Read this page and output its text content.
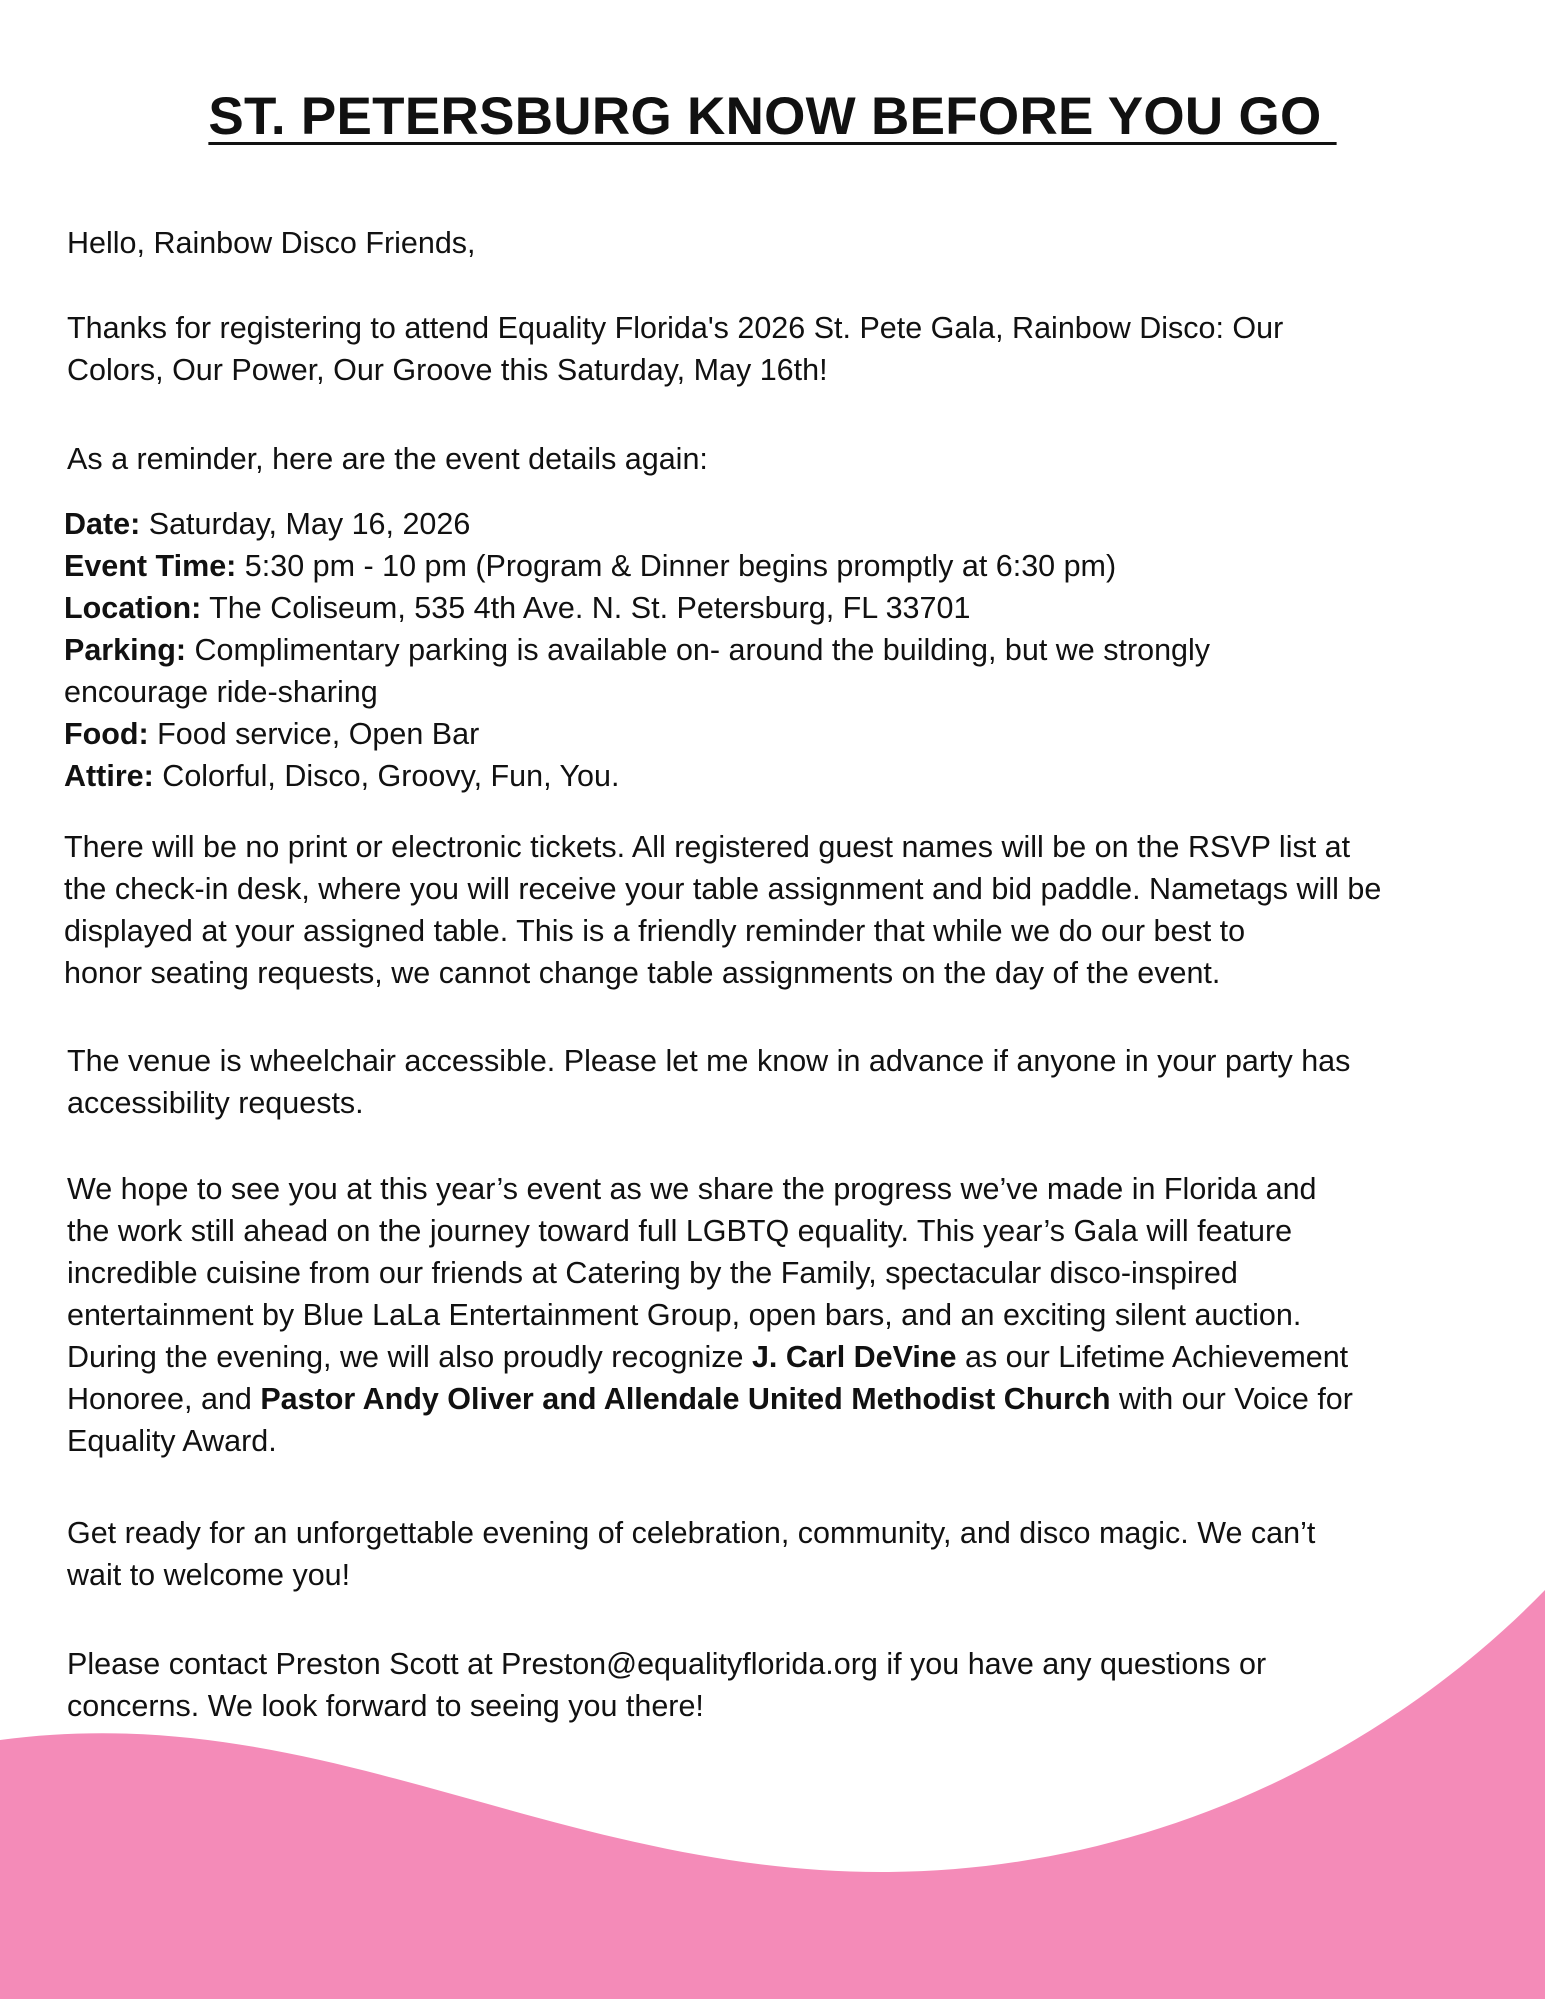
ST. PETERSBURG KNOW BEFORE YOU GO
Hello, Rainbow Disco Friends,
Thanks for registering to attend Equality Florida's 2026 St. Pete Gala, Rainbow Disco: Our
Colors, Our Power, Our Groove this Saturday, May 16th!
As a reminder, here are the event details again:
Date: Saturday, May 16, 2026
Event Time: 5:30 pm - 10 pm (Program & Dinner begins promptly at 6:30 pm)
Location: The Coliseum, 535 4th Ave. N. St. Petersburg, FL 33701
Parking: Complimentary parking is available on- around the building, but we strongly
encourage ride-sharing
Food: Food service, Open Bar
Attire: Colorful, Disco, Groovy, Fun, You.
There will be no print or electronic tickets. All registered guest names will be on the RSVP list at
the check-in desk, where you will receive your table assignment and bid paddle. Nametags will be
displayed at your assigned table. This is a friendly reminder that while we do our best to
honor seating requests, we cannot change table assignments on the day of the event.
The venue is wheelchair accessible. Please let me know in advance if anyone in your party has
accessibility requests.
We hope to see you at this year’s event as we share the progress we’ve made in Florida and
the work still ahead on the journey toward full LGBTQ equality. This year’s Gala will feature
incredible cuisine from our friends at Catering by the Family, spectacular disco-inspired
entertainment by Blue LaLa Entertainment Group, open bars, and an exciting silent auction.
During the evening, we will also proudly recognize J. Carl DeVine as our Lifetime Achievement
Honoree, and Pastor Andy Oliver and Allendale United Methodist Church with our Voice for
Equality Award.
Get ready for an unforgettable evening of celebration, community, and disco magic. We can’t
wait to welcome you!
Please contact Preston Scott at Preston@equalityflorida.org if you have any questions or
concerns. We look forward to seeing you there!
